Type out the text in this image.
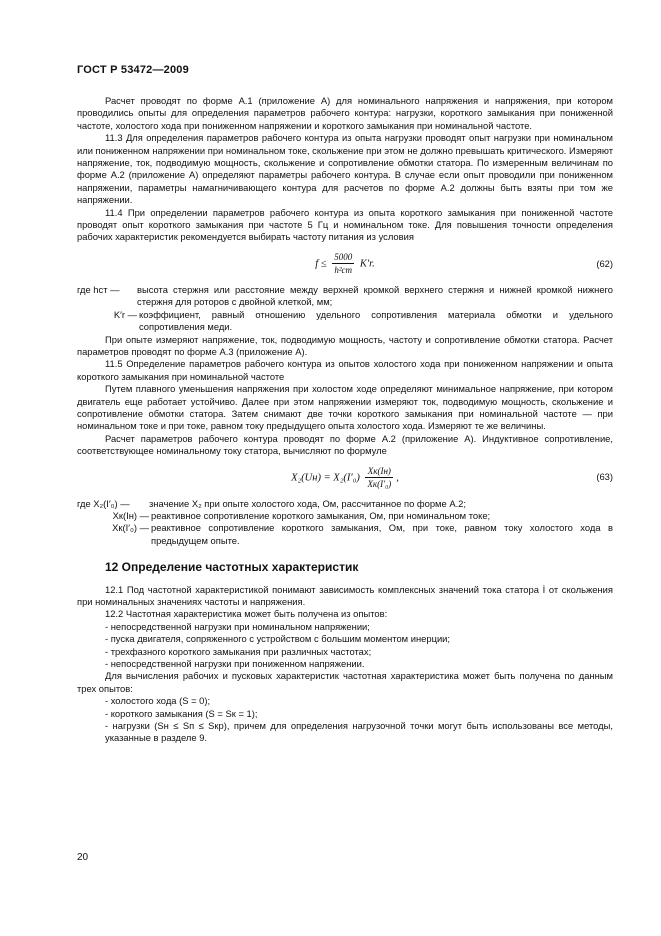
ГОСТ Р 53472—2009

Расчет проводят по форме А.1 (приложение А) для номинального напряжения и напряжения, при котором проводились опыты для определения параметров рабочего контура: нагрузки, короткого замыкания при пониженной частоте, холостого хода при пониженном напряжении и короткого замыкания при номинальной частоте.

11.3 Для определения параметров рабочего контура из опыта нагрузки проводят опыт нагрузки при номинальном или пониженном напряжении при номинальном токе, скольжение при этом не должно превышать критического. Измеряют напряжение, ток, подводимую мощность, скольжение и сопротивление обмотки статора. По измеренным величинам по форме А.2 (приложение А) определяют параметры рабочего контура. В случае если опыт проводили при пониженном напряжении, параметры намагничивающего контура для расчетов по форме А.2 должны быть взяты при том же напряжении.

11.4 При определении параметров рабочего контура из опыта короткого замыкания при пониженной частоте проводят опыт короткого замыкания при частоте 5 Гц и номинальном токе. Для повышения точности определения рабочих характеристик рекомендуется выбирать частоту питания из условия

$f \le \frac{5000}{\text{h²ст}} K'r$.	(62)
где hст —	высота стержня или расстояние между верхней кромкой верхнего стержня и нижней кромкой нижнего стержня для роторов с двойной клеткой, мм;
K′r — коэффициент, равный отношению удельного сопротивления материала обмотки и удельного сопротивления меди.

При опыте измеряют напряжение, ток, подводимую мощность, частоту и сопротивление обмотки статора. Расчет параметров проводят по форме А.3 (приложение А).

11.5 Определение параметров рабочего контура из опытов холостого хода при пониженном напряжении и опыта короткого замыкания при номинальной частоте

Путем плавного уменьшения напряжения при холостом ходе определяют минимальное напряжение, при котором двигатель еще работает устойчиво. Далее при этом напряжении измеряют ток, подводимую мощность, скольжение и сопротивление обмотки статора. Затем снимают две точки короткого замыкания при номинальной частоте — при номинальном токе и при токе, равном току предыдущего опыта холостого хода. Измеряют те же величины.

Расчет параметров рабочего контура проводят по форме А.2 (приложение А). Индуктивное сопротивление, соответствующее номинальному току статора, вычисляют по формуле

$X_2(Uн) = X_2(I'_0) \frac{Xк(Iн)}{\text{Xк(I′₀)}}$ ,	(63)
где X₂(I′₀) —	значение X₂ при опыте холостого хода, Ом, рассчитанное по форме А.2;
Xк(Iн) — реактивное сопротивление короткого замыкания, Ом, при номинальном токе;
Xк(I′₀) — реактивное сопротивление короткого замыкания, Ом, при токе, равном току холостого хода в предыдущем опыте.
12 Определение частотных характеристик

12.1 Под частотной характеристикой понимают зависимость комплексных значений тока статора İ от скольжения при номинальных значениях частоты и напряжения.

12.2 Частотная характеристика может быть получена из опытов:

- непосредственной нагрузки при номинальном напряжении;

- пуска двигателя, сопряженного с устройством с большим моментом инерции;

- трехфазного короткого замыкания при различных частотах;

- непосредственной нагрузки при пониженном напряжении.

Для вычисления рабочих и пусковых характеристик частотная характеристика может быть получена по данным трех опытов:

- холостого хода (S = 0);

- короткого замыкания (S = Sк = 1);

- нагрузки (Sн ≤ Sп ≤ Sкр), причем для определения нагрузочной точки могут быть использованы все методы, указанные в разделе 9.

20
